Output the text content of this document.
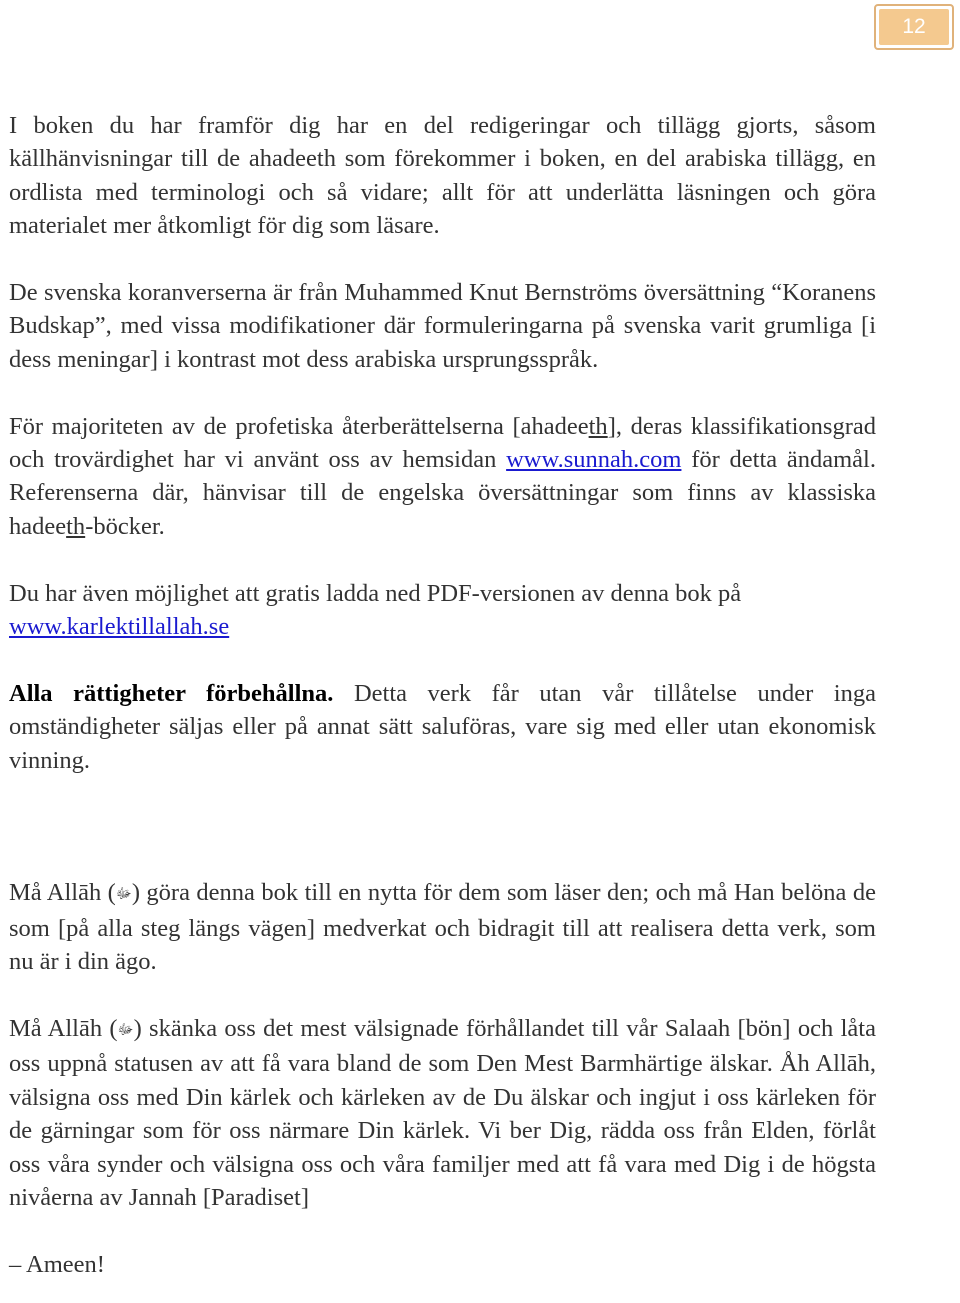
12

I boken du har framför dig har en del redigeringar och tillägg gjorts, såsom källhänvisningar till de ahadeeth som förekommer i boken, en del arabiska tillägg, en ordlista med terminologi och så vidare; allt för att underlätta läsningen och göra materialet mer åtkomligt för dig som läsare.

De svenska koranverserna är från Muhammed Knut Bernströms översättning “Koranens Budskap”, med vissa modifikationer där formuleringarna på svenska varit grumliga [i dess meningar] i kontrast mot dess arabiska ursprungsspråk.

För majoriteten av de profetiska återberättelserna [ahadeeth], deras klassifikationsgrad och trovärdighet har vi använt oss av hemsidan www.sunnah.com för detta ändamål. Referenserna där, hänvisar till de engelska översättningar som finns av klassiska hadeeth-böcker.

Du har även möjlighet att gratis ladda ned PDF-versionen av denna bok på
www.karlektillallah.se

Alla rättigheter förbehållna. Detta verk får utan vår tillåtelse under inga omständigheter säljas eller på annat sätt saluföras, vare sig med eller utan ekonomisk vinning.

Må Allāh (ﷻ) göra denna bok till en nytta för dem som läser den; och må Han belöna de som [på alla steg längs vägen] medverkat och bidragit till att realisera detta verk, som nu är i din ägo.

Må Allāh (ﷻ) skänka oss det mest välsignade förhållandet till vår Salaah [bön] och låta oss uppnå statusen av att få vara bland de som Den Mest Barmhärtige älskar. Åh Allāh, välsigna oss med Din kärlek och kärleken av de Du älskar och ingjut i oss kärleken för de gärningar som för oss närmare Din kärlek. Vi ber Dig, rädda oss från Elden, förlåt oss våra synder och välsigna oss och våra familjer med att få vara med Dig i de högsta nivåerna av Jannah [Paradiset]

– Ameen!
